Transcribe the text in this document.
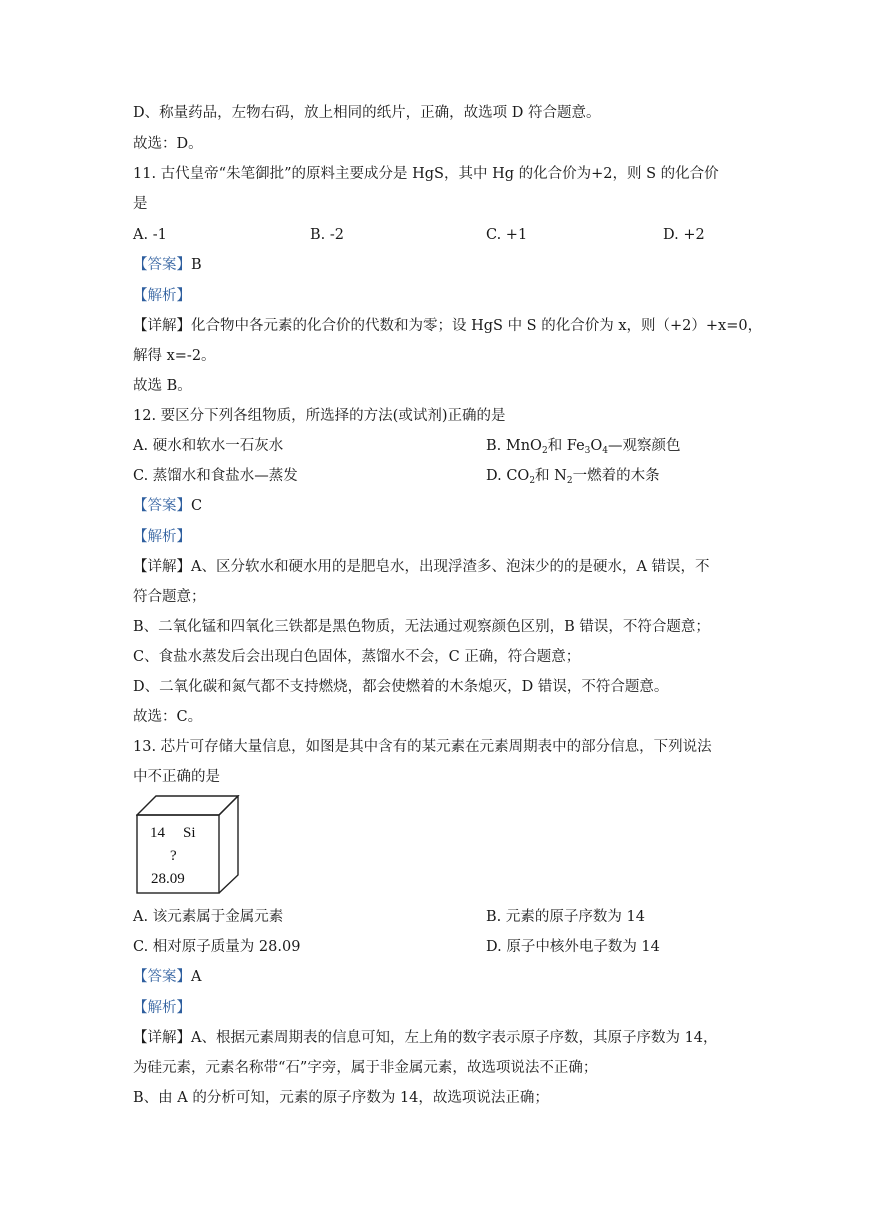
D、称量药品，左物右码，放上相同的纸片，正确，故选项 D 符合题意。
故选：D。
11. 古代皇帝“朱笔御批”的原料主要成分是 HgS，其中 Hg 的化合价为+2，则 S 的化合价
是
A. -1	B. -2	C. +1	D. +2
【答案】B
【解析】
【详解】化合物中各元素的化合价的代数和为零；设 HgS 中 S 的化合价为 x，则（+2）+x=0，
解得 x=-2。
故选 B。
12. 要区分下列各组物质，所选择的方法(或试剂)正确的是
A. 硬水和软水一石灰水	B. MnO$_2$和 $Fe_3O_4—$观察颜色
C. 蒸馏水和食盐水—蒸发	D. $CO_2$和 $N_2$一燃着的木条
【答案】C
【解析】
【详解】A、区分软水和硬水用的是肥皂水，出现浮渣多、泡沫少的的是硬水，A 错误，不
符合题意；
B、二氧化锰和四氧化三铁都是黑色物质，无法通过观察颜色区别，B 错误，不符合题意；
C、食盐水蒸发后会出现白色固体，蒸馏水不会，C 正确，符合题意；
D、二氧化碳和氮气都不支持燃烧，都会使燃着的木条熄灭，D 错误，不符合题意。
故选：C。
13. 芯片可存储大量信息，如图是其中含有的某元素在元素周期表中的部分信息，下列说法
中不正确的是
14 Si
?
28.09
A. 该元素属于金属元素	B. 元素的原子序数为 14
C. 相对原子质量为 28.09	D. 原子中核外电子数为 14
【答案】A
【解析】
【详解】A、根据元素周期表的信息可知，左上角的数字表示原子序数，其原子序数为 14，
为硅元素，元素名称带“石”字旁，属于非金属元素，故选项说法不正确；
B、由 A 的分析可知，元素的原子序数为 14，故选项说法正确；
